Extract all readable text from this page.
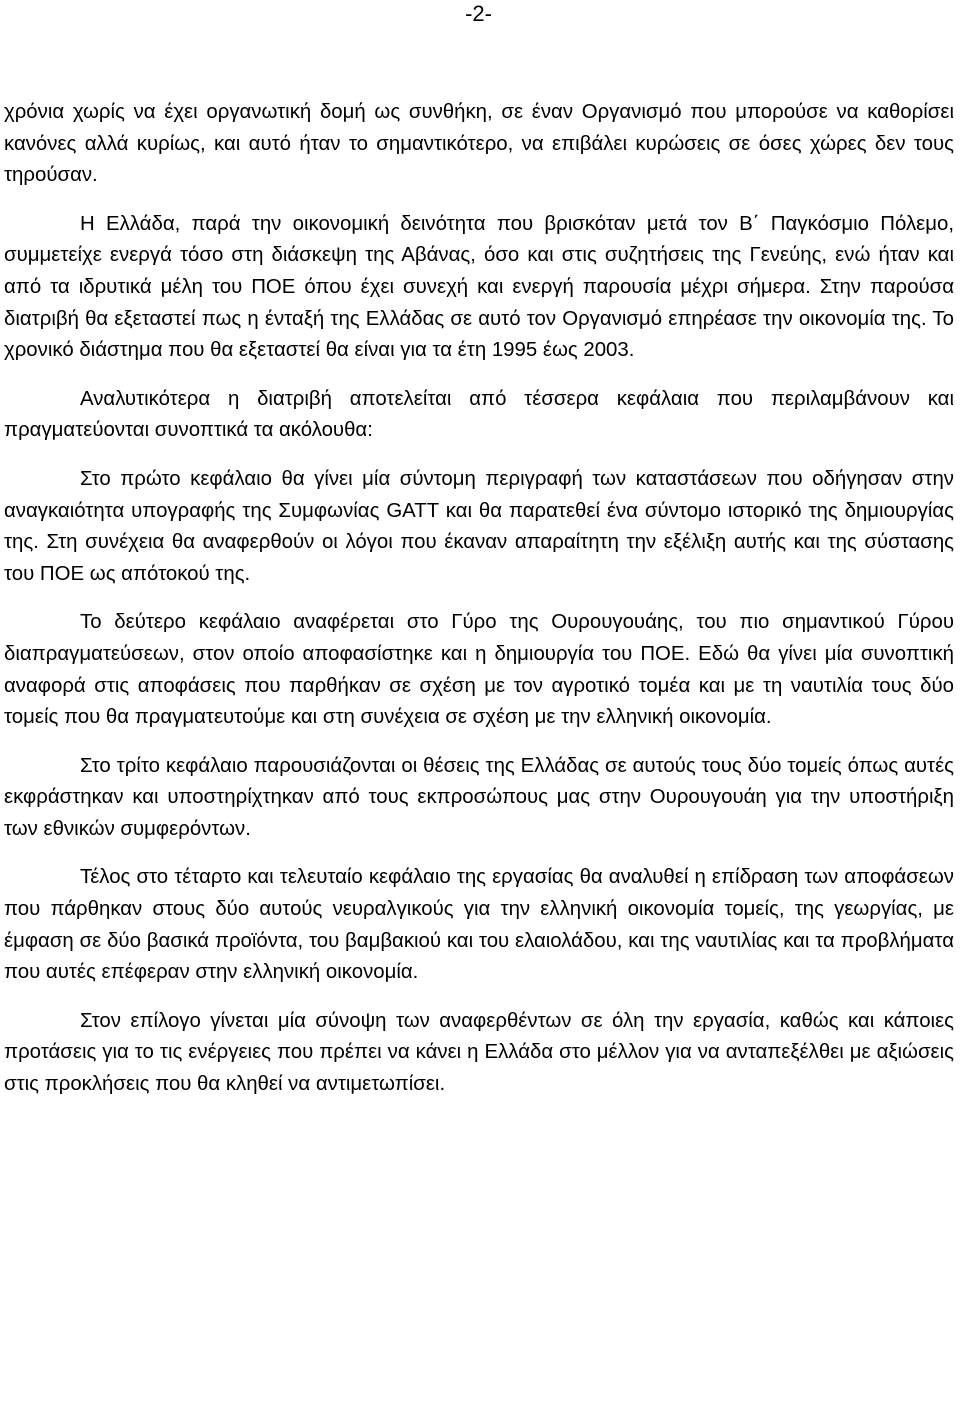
-2-

χρόνια χωρίς να έχει οργανωτική δομή ως συνθήκη, σε έναν Οργανισμό που μπορούσε να καθορίσει κανόνες αλλά κυρίως, και αυτό ήταν το σημαντικότερο, να επιβάλει κυρώσεις σε όσες χώρες δεν τους τηρούσαν.

Η Ελλάδα, παρά την οικονομική δεινότητα που βρισκόταν μετά τον Β΄ Παγκόσμιο Πόλεμο, συμμετείχε ενεργά τόσο στη διάσκεψη της Αβάνας, όσο και στις συζητήσεις της Γενεύης, ενώ ήταν και από τα ιδρυτικά μέλη του ΠΟΕ όπου έχει συνεχή και ενεργή παρουσία μέχρι σήμερα. Στην παρούσα διατριβή θα εξεταστεί πως η ένταξή της Ελλάδας σε αυτό τον Οργανισμό επηρέασε την οικονομία της. Το χρονικό διάστημα που θα εξεταστεί θα είναι για τα έτη 1995 έως 2003.

Αναλυτικότερα η διατριβή αποτελείται από τέσσερα κεφάλαια που περιλαμβάνουν και πραγματεύονται συνοπτικά τα ακόλουθα:

Στο πρώτο κεφάλαιο θα γίνει μία σύντομη περιγραφή των καταστάσεων που οδήγησαν στην αναγκαιότητα υπογραφής της Συμφωνίας GATT και θα παρατεθεί ένα σύντομο ιστορικό της δημιουργίας της. Στη συνέχεια θα αναφερθούν οι λόγοι που έκαναν απαραίτητη την εξέλιξη αυτής και της σύστασης του ΠΟΕ ως απότοκού της.

Το δεύτερο κεφάλαιο αναφέρεται στο Γύρο της Ουρουγουάης, του πιο σημαντικού Γύρου διαπραγματεύσεων, στον οποίο αποφασίστηκε και η δημιουργία του ΠΟΕ. Εδώ θα γίνει μία συνοπτική αναφορά στις αποφάσεις που παρθήκαν σε σχέση με τον αγροτικό τομέα και με τη ναυτιλία τους δύο τομείς που θα πραγματευτούμε και στη συνέχεια σε σχέση με την ελληνική οικονομία.

Στο τρίτο κεφάλαιο παρουσιάζονται οι θέσεις της Ελλάδας σε αυτούς τους δύο τομείς όπως αυτές εκφράστηκαν και υποστηρίχτηκαν από τους εκπροσώπους μας στην Ουρουγουάη για την υποστήριξη των εθνικών συμφερόντων.

Τέλος στο τέταρτο και τελευταίο κεφάλαιο της εργασίας θα αναλυθεί η επίδραση των αποφάσεων που πάρθηκαν στους δύο αυτούς νευραλγικούς για την ελληνική οικονομία τομείς, της γεωργίας, με έμφαση σε δύο βασικά προϊόντα, του βαμβακιού και του ελαιολάδου, και της ναυτιλίας και τα προβλήματα που αυτές επέφεραν στην ελληνική οικονομία.

Στον επίλογο γίνεται μία σύνοψη των αναφερθέντων σε όλη την εργασία, καθώς και κάποιες προτάσεις για το τις ενέργειες που πρέπει να κάνει η Ελλάδα στο μέλλον για να ανταπεξέλθει με αξιώσεις στις προκλήσεις που θα κληθεί να αντιμετωπίσει.
